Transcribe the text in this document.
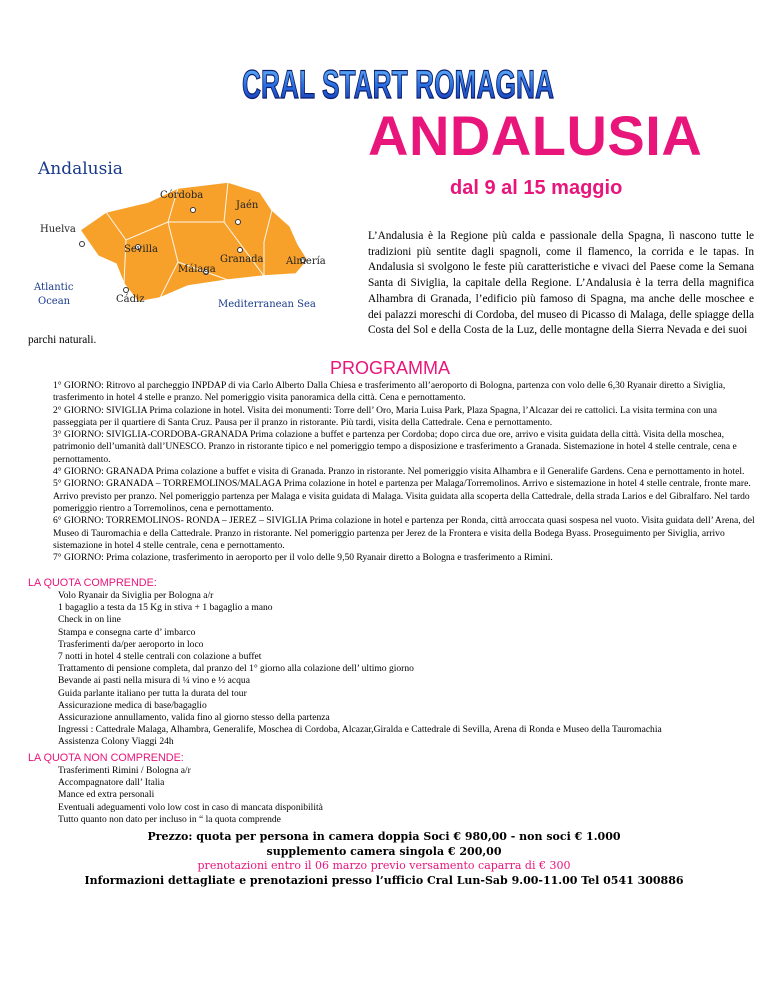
CRAL START ROMAGNA
ANDALUSIA
dal 9 al 15 maggio
Andalusia
Córdoba
Jaén
Huelva
Sevilla
Granada Almería
Málaga
Atlantic
Ocean	Cádiz	Mediterranean Sea
L’Andalusia è la Regione più calda e passionale della Spagna, lì nascono tutte le tradizioni più sentite dagli spagnoli, come il flamenco, la corrida e le tapas. In Andalusia si svolgono le feste più caratteristiche e vivaci del Paese come la Semana Santa di Siviglia, la capitale della Regione. L’Andalusia è la terra della magnifica Alhambra di Granada, l’edificio più famoso di Spagna, ma anche delle moschee e dei palazzi moreschi di Cordoba, del museo di Picasso di Malaga, delle spiagge della Costa del Sol e della Costa de la Luz, delle montagne della Sierra Nevada e dei suoi
parchi naturali.
PROGRAMMA

1° GIORNO: Ritrovo al parcheggio INPDAP di via Carlo Alberto Dalla Chiesa e trasferimento all’aeroporto di Bologna, partenza con volo delle 6,30 Ryanair diretto a Siviglia, trasferimento in hotel 4 stelle e pranzo. Nel pomeriggio visita panoramica della città. Cena e pernottamento.

2° GIORNO: SIVIGLIA Prima colazione in hotel. Visita dei monumenti: Torre dell’ Oro, Maria Luisa Park, Plaza Spagna, l’Alcazar dei re cattolici. La visita termina con una passeggiata per il quartiere di Santa Cruz. Pausa per il pranzo in ristorante. Più tardi, visita della Cattedrale. Cena e pernottamento.

3° GIORNO: SIVIGLIA-CORDOBA-GRANADA Prima colazione a buffet e partenza per Cordoba; dopo circa due ore, arrivo e visita guidata della città. Visita della moschea, patrimonio dell’umanità dall’UNESCO. Pranzo in ristorante tipico e nel pomeriggio tempo a disposizione e trasferimento a Granada. Sistemazione in hotel 4 stelle centrale, cena e pernottamento.

4° GIORNO: GRANADA Prima colazione a buffet e visita di Granada. Pranzo in ristorante. Nel pomeriggio visita Alhambra e il Generalife Gardens. Cena e pernottamento in hotel.

5° GIORNO: GRANADA – TORREMOLINOS/MALAGA Prima colazione in hotel e partenza per Malaga/Torremolinos. Arrivo e sistemazione in hotel 4 stelle centrale, fronte mare. Arrivo previsto per pranzo. Nel pomeriggio partenza per Malaga e visita guidata di Malaga. Visita guidata alla scoperta della Cattedrale, della strada Larios e del Gibralfaro. Nel tardo pomeriggio rientro a Torremolinos, cena e pernottamento.

6° GIORNO: TORREMOLINOS- RONDA – JEREZ – SIVIGLIA Prima colazione in hotel e partenza per Ronda, città arroccata quasi sospesa nel vuoto. Visita guidata dell’ Arena, del Museo di Tauromachia e della Cattedrale. Pranzo in ristorante. Nel pomeriggio partenza per Jerez de la Frontera e visita della Bodega Byass. Proseguimento per Siviglia, arrivo sistemazione in hotel 4 stelle centrale, cena e pernottamento.

7° GIORNO: Prima colazione, trasferimento in aeroporto per il volo delle 9,50 Ryanair diretto a Bologna e trasferimento a Rimini.

LA QUOTA COMPRENDE:
Volo Ryanair da Siviglia per Bologna a/r
1 bagaglio a testa da 15 Kg in stiva + 1 bagaglio a mano
Check in on line
Stampa e consegna carte d’ imbarco
Trasferimenti da/per aeroporto in loco
7 notti in hotel 4 stelle centrali con colazione a buffet
Trattamento di pensione completa, dal pranzo del 1° giorno alla colazione dell’ ultimo giorno
Bevande ai pasti nella misura di ¼ vino e ½ acqua
Guida parlante italiano per tutta la durata del tour
Assicurazione medica di base/bagaglio
Assicurazione annullamento, valida fino al giorno stesso della partenza
Ingressi : Cattedrale Malaga, Alhambra, Generalife, Moschea di Cordoba, Alcazar,Giralda e Cattedrale di Sevilla, Arena di Ronda e Museo della Tauromachia
Assistenza Colony Viaggi 24h
LA QUOTA NON COMPRENDE:
Trasferimenti Rimini / Bologna a/r
Accompagnatore dall’ Italia
Mance ed extra personali
Eventuali adeguamenti volo low cost in caso di mancata disponibilità
Tutto quanto non dato per incluso in “ la quota comprende
Prezzo: quota per persona in camera doppia Soci € 980,00 - non soci € 1.000
supplemento camera singola € 200,00
prenotazioni entro il 06 marzo previo versamento caparra di € 300
Informazioni dettagliate e prenotazioni presso l’ufficio Cral Lun-Sab 9.00-11.00 Tel 0541 300886
